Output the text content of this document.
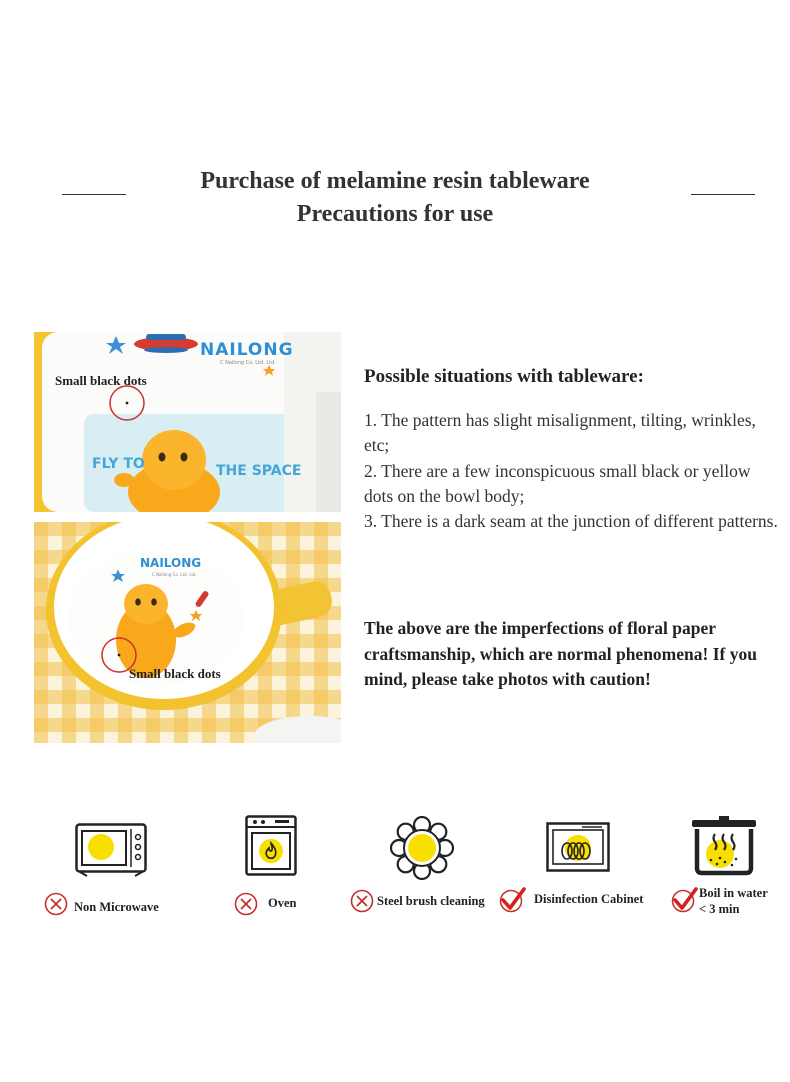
Purchase of melamine resin tableware
Precautions for use
NAILONG
C Nailong Co. Ltd. Ltd.
FLY TO	THE SPACE
Small black dots
NAILONG
C Nailong Co. Ltd. Ltd.
Small black dots
Possible situations with tableware:

1. The pattern has slight misalignment, tilting, wrinkles, etc;

2. There are a few inconspicuous small black or yellow dots on the bowl body;

3. There is a dark seam at the junction of different patterns.

The above are the imperfections of floral paper craftsmanship, which are normal phenomena! If you mind, please take photos with caution!
Non Microwave	Oven	Steel brush cleaning	Disinfection Cabinet	Boil in water
< 3 min
